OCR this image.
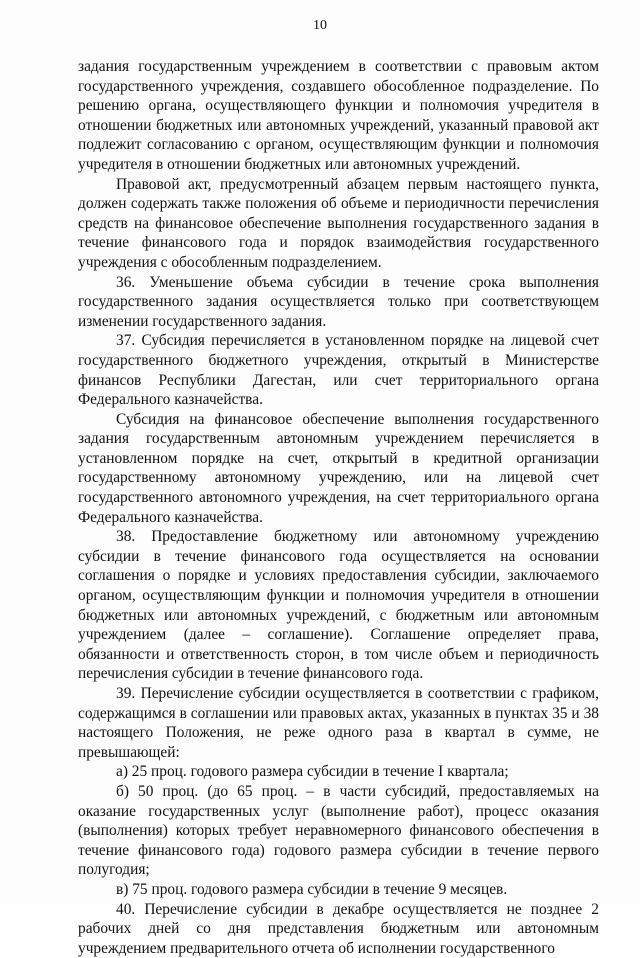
10

задания государственным учреждением в соответствии с правовым актом государственного учреждения, создавшего обособленное подразделение. По решению органа, осуществляющего функции и полномочия учредителя в отношении бюджетных или автономных учреждений, указанный правовой акт подлежит согласованию с органом, осуществляющим функции и полномочия учредителя в отношении бюджетных или автономных учреждений.

Правовой акт, предусмотренный абзацем первым настоящего пункта, должен содержать также положения об объеме и периодичности перечисления средств на финансовое обеспечение выполнения государственного задания в течение финансового года и порядок взаимодействия государственного учреждения с обособленным подразделением.

36. Уменьшение объема субсидии в течение срока выполнения государственного задания осуществляется только при соответствующем изменении государственного задания.

37. Субсидия перечисляется в установленном порядке на лицевой счет государственного бюджетного учреждения, открытый в Министерстве финансов Республики Дагестан, или счет территориального органа Федерального казначейства.

Субсидия на финансовое обеспечение выполнения государственного задания государственным автономным учреждением перечисляется в установленном порядке на счет, открытый в кредитной организации государственному автономному учреждению, или на лицевой счет государственного автономного учреждения, на счет территориального органа Федерального казначейства.

38. Предоставление бюджетному или автономному учреждению субсидии в течение финансового года осуществляется на основании соглашения о порядке и условиях предоставления субсидии, заключаемого органом, осуществляющим функции и полномочия учредителя в отношении бюджетных или автономных учреждений, с бюджетным или автономным учреждением (далее – соглашение). Соглашение определяет права, обязанности и ответственность сторон, в том числе объем и периодичность перечисления субсидии в течение финансового года.

39. Перечисление субсидии осуществляется в соответствии с графиком, содержащимся в соглашении или правовых актах, указанных в пунктах 35 и 38 настоящего Положения, не реже одного раза в квартал в сумме, не превышающей:

а) 25 проц. годового размера субсидии в течение I квартала;

б) 50 проц. (до 65 проц. – в части субсидий, предоставляемых на оказание государственных услуг (выполнение работ), процесс оказания (выполнения) которых требует неравномерного финансового обеспечения в течение финансового года) годового размера субсидии в течение первого полугодия;

в) 75 проц. годового размера субсидии в течение 9 месяцев.

40. Перечисление субсидии в декабре осуществляется не позднее 2 рабочих дней со дня представления бюджетным или автономным учреждением предварительного отчета об исполнении государственного
